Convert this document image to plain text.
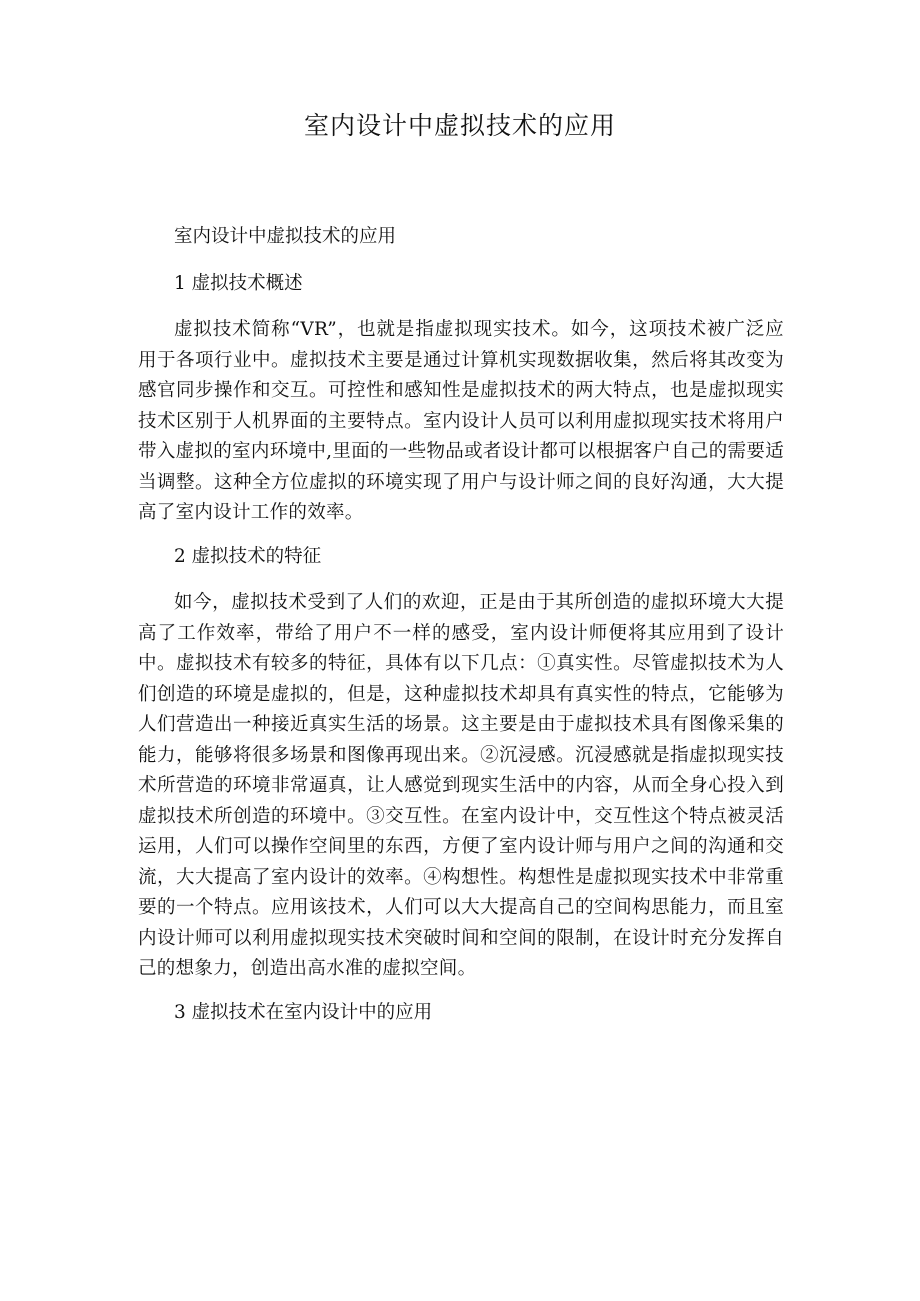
室内设计中虚拟技术的应用

室内设计中虚拟技术的应用

1 虚拟技术概述

虚拟技术简称“VR”，也就是指虚拟现实技术。如今，这项技术被广泛应用于各项行业中。虚拟技术主要是通过计算机实现数据收集，然后将其改变为感官同步操作和交互。可控性和感知性是虚拟技术的两大特点，也是虚拟现实技术区别于人机界面的主要特点。室内设计人员可以利用虚拟现实技术将用户带入虚拟的室内环境中,里面的一些物品或者设计都可以根据客户自己的需要适当调整。这种全方位虚拟的环境实现了用户与设计师之间的良好沟通，大大提高了室内设计工作的效率。

2 虚拟技术的特征

如今，虚拟技术受到了人们的欢迎，正是由于其所创造的虚拟环境大大提高了工作效率，带给了用户不一样的感受，室内设计师便将其应用到了设计中。虚拟技术有较多的特征，具体有以下几点：①真实性。尽管虚拟技术为人们创造的环境是虚拟的，但是，这种虚拟技术却具有真实性的特点，它能够为人们营造出一种接近真实生活的场景。这主要是由于虚拟技术具有图像采集的能力，能够将很多场景和图像再现出来。②沉浸感。沉浸感就是指虚拟现实技术所营造的环境非常逼真，让人感觉到现实生活中的内容，从而全身心投入到虚拟技术所创造的环境中。③交互性。在室内设计中，交互性这个特点被灵活运用，人们可以操作空间里的东西，方便了室内设计师与用户之间的沟通和交流，大大提高了室内设计的效率。④构想性。构想性是虚拟现实技术中非常重要的一个特点。应用该技术，人们可以大大提高自己的空间构思能力，而且室内设计师可以利用虚拟现实技术突破时间和空间的限制，在设计时充分发挥自己的想象力，创造出高水准的虚拟空间。

3 虚拟技术在室内设计中的应用
